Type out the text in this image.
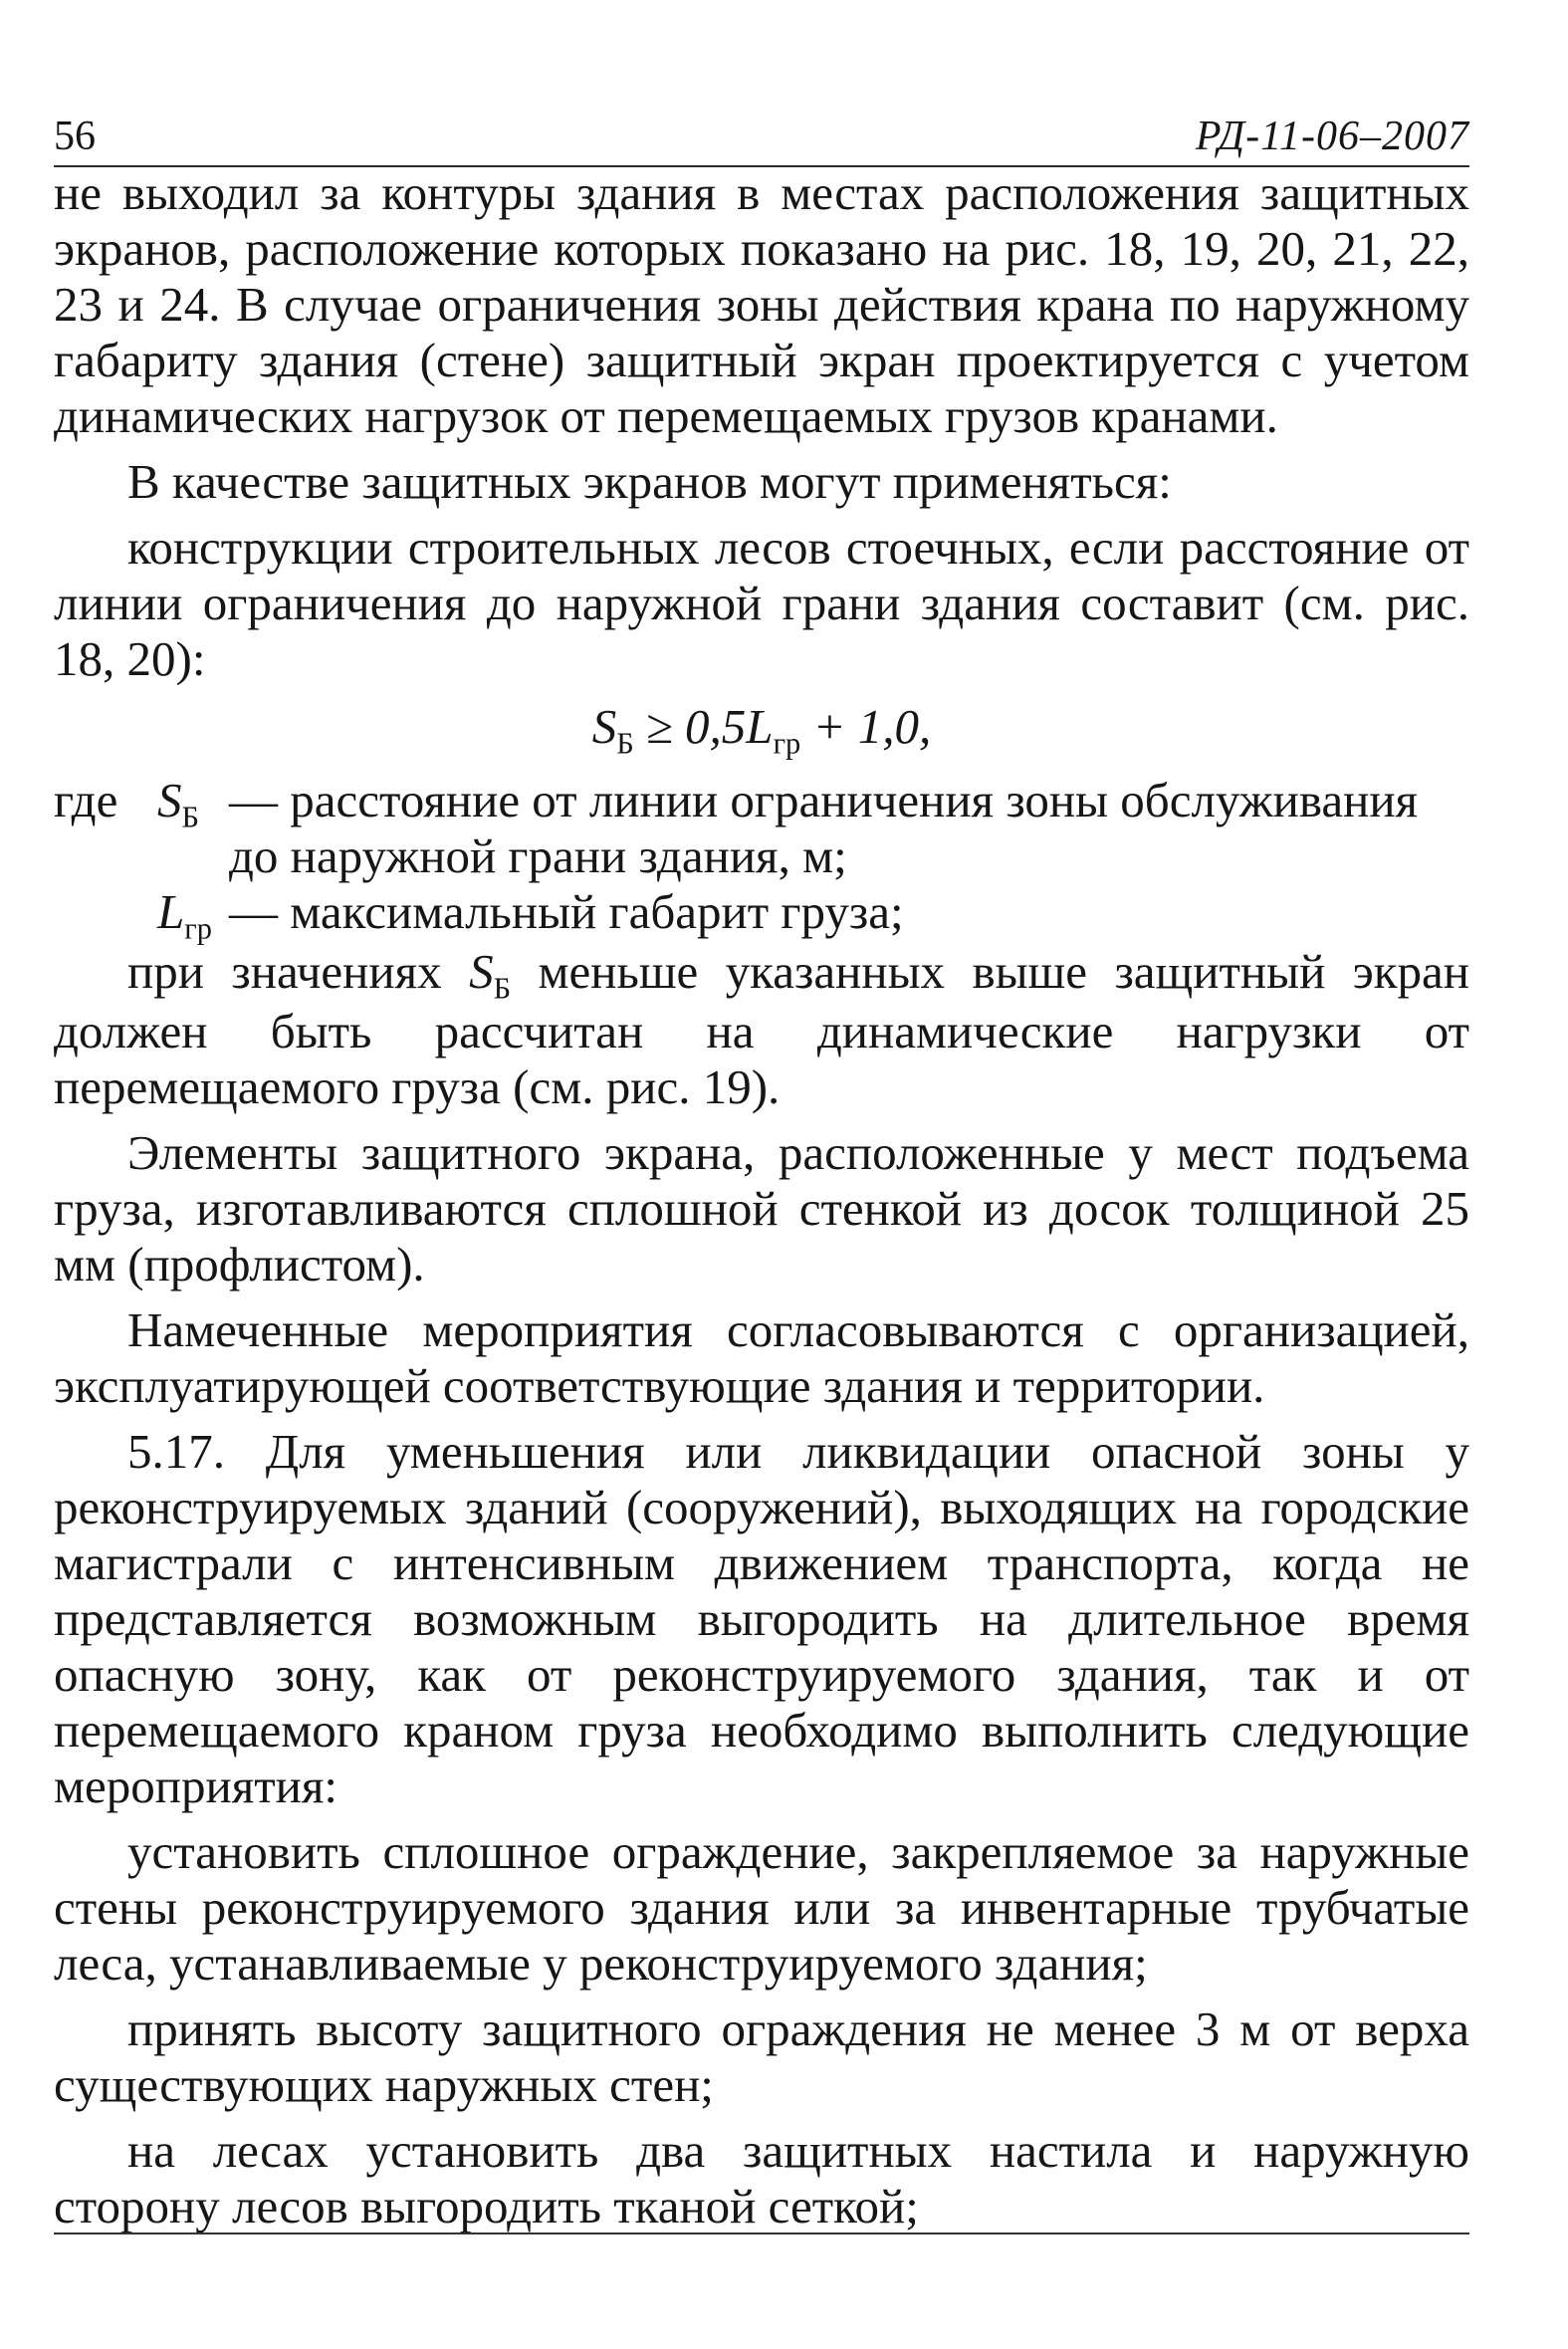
56	РД-11-06–2007

не выходил за контуры здания в местах расположения защитных экранов, расположение которых показано на рис. 18, 19, 20, 21, 22, 23 и 24. В случае ограничения зоны действия крана по наружному габариту здания (стене) защитный экран проектируется с учетом динамических нагрузок от перемещаемых грузов кранами.

В качестве защитных экранов могут применяться:

конструкции строительных лесов стоечных, если расстояние от линии ограничения до наружной грани здания составит (см. рис. 18, 20):

$S_Б \ge 0,5L_{гр} + 1,0$,
где $S_Б$ — расстояние от линии ограничения зоны обслуживания до наружной грани здания, м;
$L_{гр}$ — максимальный габарит груза;

при значениях $S_Б$ меньше указанных выше защитный экран должен быть рассчитан на динамические нагрузки от перемещаемого груза (см. рис. 19).

Элементы защитного экрана, расположенные у мест подъема груза, изготавливаются сплошной стенкой из досок толщиной 25 мм (профлистом).

Намеченные мероприятия согласовываются с организацией, эксплуатирующей соответствующие здания и территории.

5.17. Для уменьшения или ликвидации опасной зоны у реконструируемых зданий (сооружений), выходящих на городские магистрали с интенсивным движением транспорта, когда не представляется возможным выгородить на длительное время опасную зону, как от реконструируемого здания, так и от перемещаемого краном груза необходимо выполнить следующие мероприятия:

установить сплошное ограждение, закрепляемое за наружные стены реконструируемого здания или за инвентарные трубчатые леса, устанавливаемые у реконструируемого здания;

принять высоту защитного ограждения не менее 3 м от верха существующих наружных стен;

на лесах установить два защитных настила и наружную сторону лесов выгородить тканой сеткой;
